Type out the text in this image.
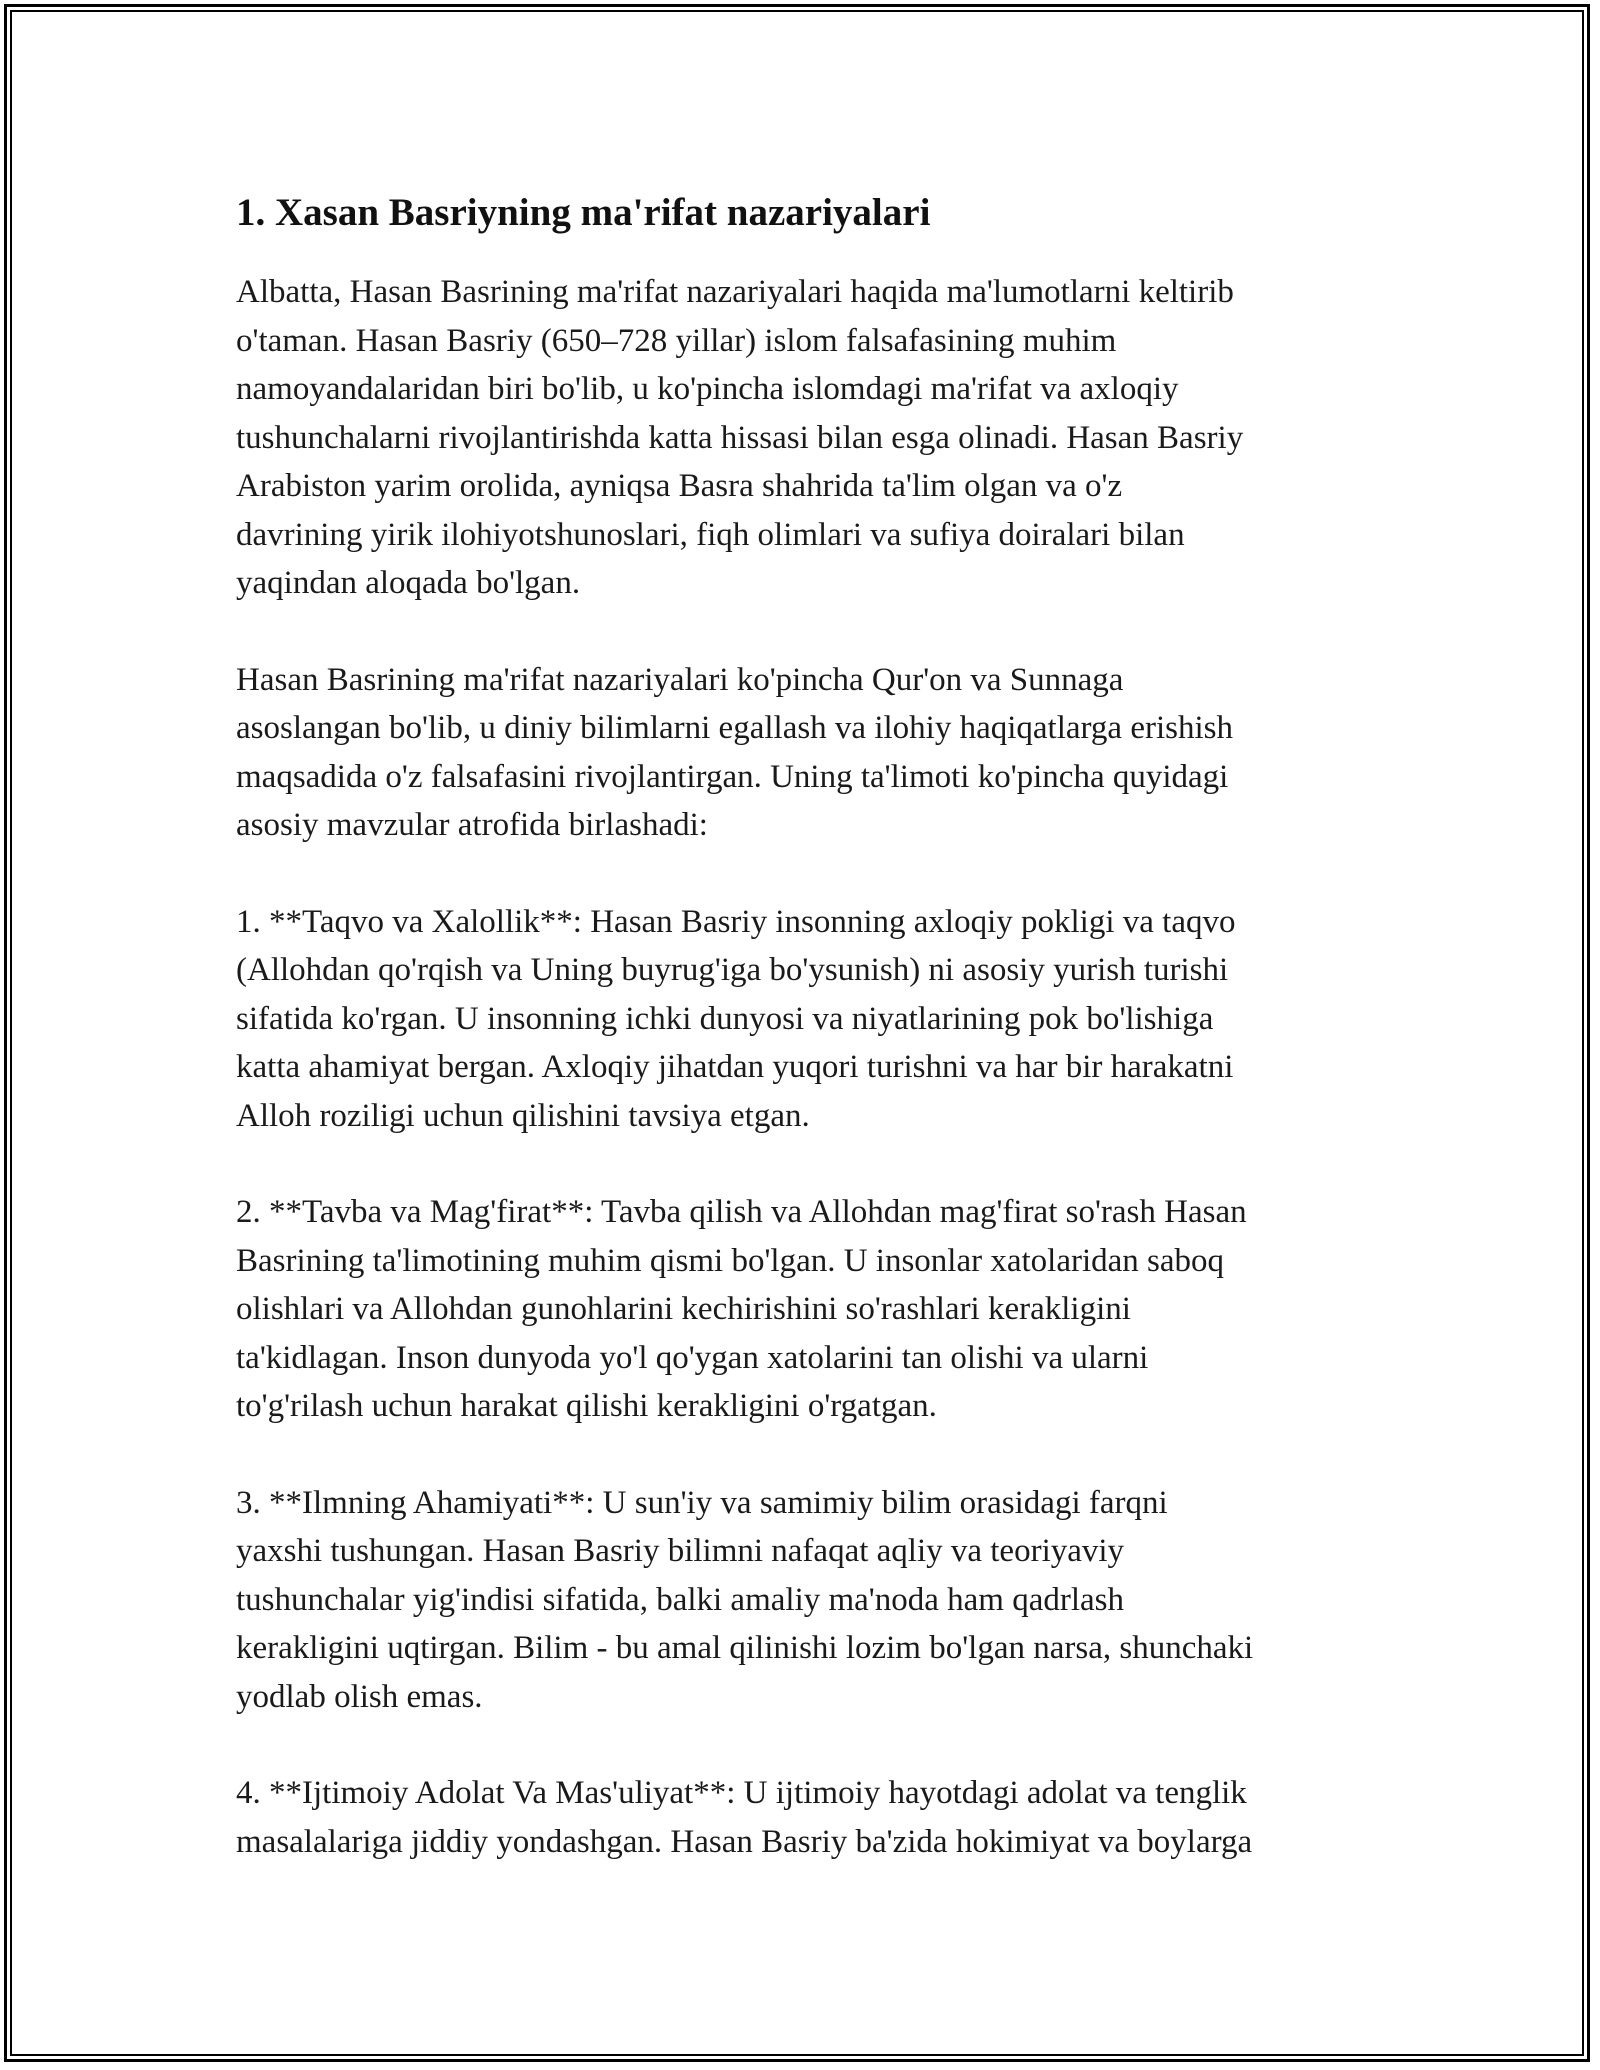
1. Xasan Basriyning ma'rifat nazariyalari

Albatta, Hasan Basrining ma'rifat nazariyalari haqida ma'lumotlarni keltirib
o'taman. Hasan Basriy (650–728 yillar) islom falsafasining muhim
namoyandalaridan biri bo'lib, u ko'pincha islomdagi ma'rifat va axloqiy
tushunchalarni rivojlantirishda katta hissasi bilan esga olinadi. Hasan Basriy
Arabiston yarim orolida, ayniqsa Basra shahrida ta'lim olgan va o'z
davrining yirik ilohiyotshunoslari, fiqh olimlari va sufiya doiralari bilan
yaqindan aloqada bo'lgan.

Hasan Basrining ma'rifat nazariyalari ko'pincha Qur'on va Sunnaga
asoslangan bo'lib, u diniy bilimlarni egallash va ilohiy haqiqatlarga erishish
maqsadida o'z falsafasini rivojlantirgan. Uning ta'limoti ko'pincha quyidagi
asosiy mavzular atrofida birlashadi:

1. **Taqvo va Xalollik**: Hasan Basriy insonning axloqiy pokligi va taqvo
(Allohdan qo'rqish va Uning buyrug'iga bo'ysunish) ni asosiy yurish turishi
sifatida ko'rgan. U insonning ichki dunyosi va niyatlarining pok bo'lishiga
katta ahamiyat bergan. Axloqiy jihatdan yuqori turishni va har bir harakatni
Alloh roziligi uchun qilishini tavsiya etgan.

2. **Tavba va Mag'firat**: Tavba qilish va Allohdan mag'firat so'rash Hasan
Basrining ta'limotining muhim qismi bo'lgan. U insonlar xatolaridan saboq
olishlari va Allohdan gunohlarini kechirishini so'rashlari kerakligini
ta'kidlagan. Inson dunyoda yo'l qo'ygan xatolarini tan olishi va ularni
to'g'rilash uchun harakat qilishi kerakligini o'rgatgan.

3. **Ilmning Ahamiyati**: U sun'iy va samimiy bilim orasidagi farqni
yaxshi tushungan. Hasan Basriy bilimni nafaqat aqliy va teoriyaviy
tushunchalar yig'indisi sifatida, balki amaliy ma'noda ham qadrlash
kerakligini uqtirgan. Bilim - bu amal qilinishi lozim bo'lgan narsa, shunchaki
yodlab olish emas.

4. **Ijtimoiy Adolat Va Mas'uliyat**: U ijtimoiy hayotdagi adolat va tenglik
masalalariga jiddiy yondashgan. Hasan Basriy ba'zida hokimiyat va boylarga
